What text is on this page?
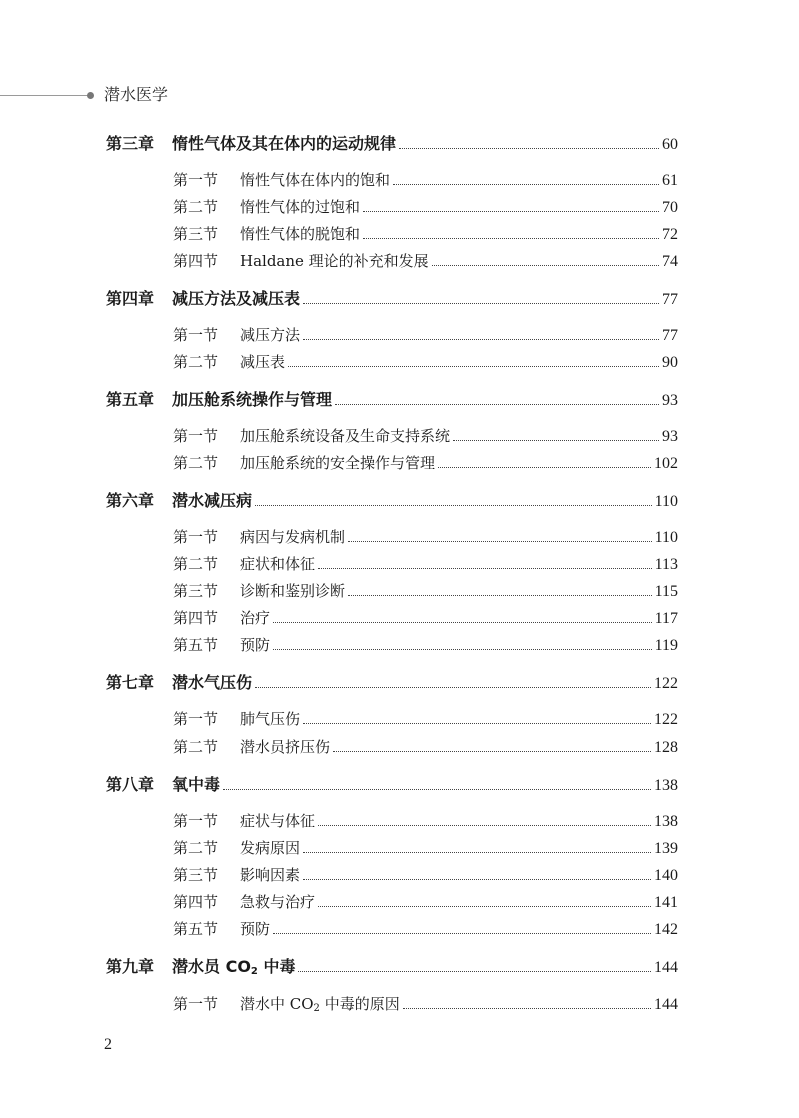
潜水医学
第三章	惰性气体及其在体内的运动规律	60
第一节	惰性气体在体内的饱和	61
第二节	惰性气体的过饱和	70
第三节	惰性气体的脱饱和	72
第四节	Haldane 理论的补充和发展	74
第四章	减压方法及减压表	77
第一节	减压方法	77
第二节	减压表	90
第五章	加压舱系统操作与管理	93
第一节	加压舱系统设备及生命支持系统	93
第二节	加压舱系统的安全操作与管理	102
第六章	潜水减压病	110
第一节	病因与发病机制	110
第二节	症状和体征	113
第三节	诊断和鉴别诊断	115
第四节	治疗	117
第五节	预防	119
第七章	潜水气压伤	122
第一节	肺气压伤	122
第二节	潜水员挤压伤	128
第八章	氧中毒	138
第一节	症状与体征	138
第二节	发病原因	139
第三节	影响因素	140
第四节	急救与治疗	141
第五节	预防	142
第九章	潜水员 $CO_2$ 中毒	144
第一节	潜水中 $CO_2$ 中毒的原因	144
2
